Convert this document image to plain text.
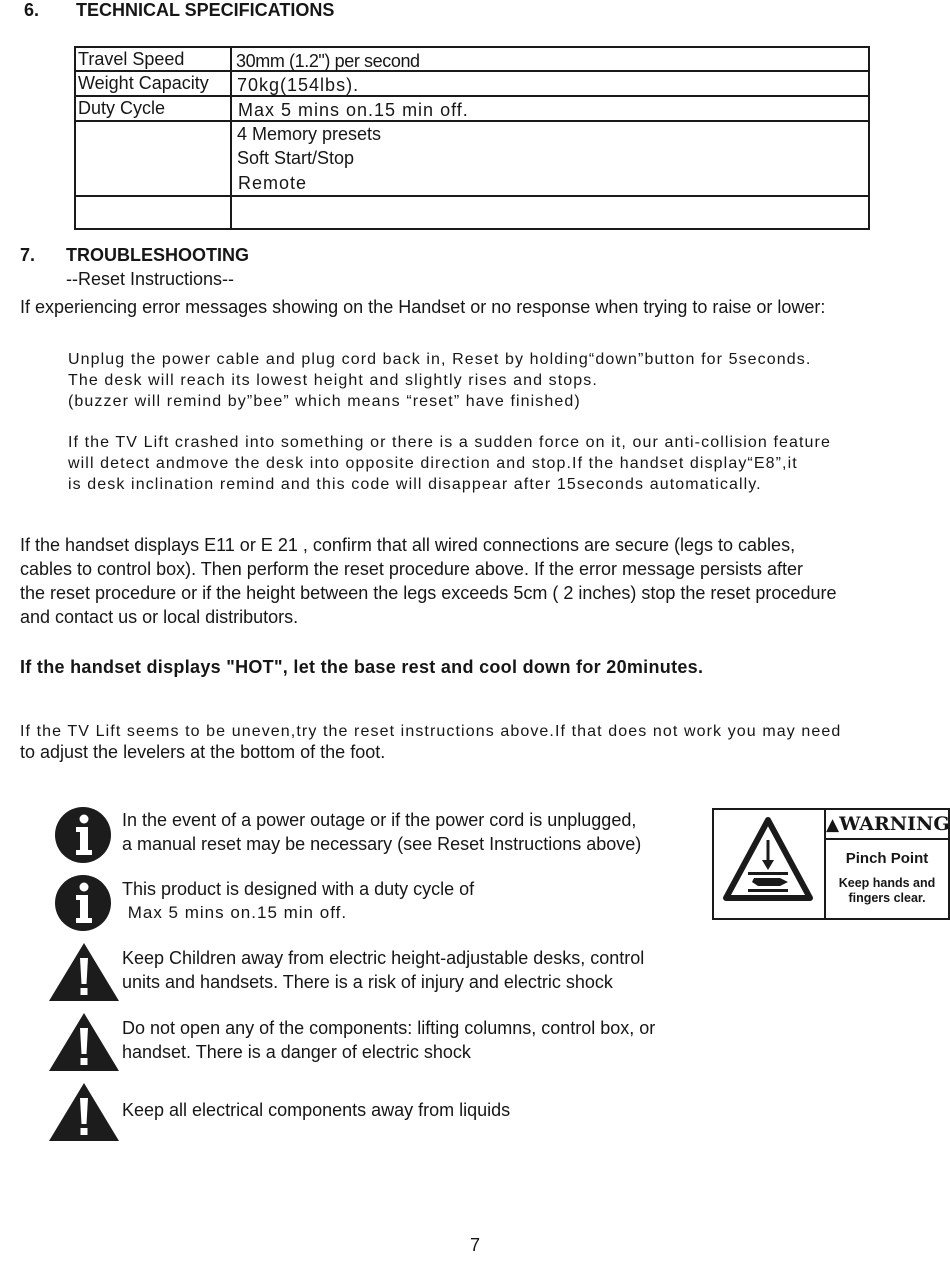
6. TECHNICAL SPECIFICATIONS
Travel Speed	30mm (1.2") per second
Weight Capacity 70kg(154lbs).
Duty Cycle	Max 5 mins on.15 min off.
4 Memory presets
Soft Start/Stop
Remote
7. TROUBLESHOOTING
--Reset Instructions--
If experiencing error messages showing on the Handset or no response when trying to raise or lower:
Unplug the power cable and plug cord back in, Reset by holding“down”button for 5seconds.
The desk will reach its lowest height and slightly rises and stops.
(buzzer will remind by”bee” which means “reset” have finished)
If the TV Lift crashed into something or there is a sudden force on it, our anti-collision feature
will detect andmove the desk into opposite direction and stop.If the handset display“E8”,it
is desk inclination remind and this code will disappear after 15seconds automatically.
If the handset displays E11 or E 21 , confirm that all wired connections are secure (legs to cables,
cables to control box). Then perform the reset procedure above. If the error message persists after
the reset procedure or if the height between the legs exceeds 5cm ( 2 inches) stop the reset procedure
and contact us or local distributors.
If the handset displays "HOT", let the base rest and cool down for 20minutes.
If the TV Lift seems to be uneven,try the reset instructions above.If that does not work you may need
to adjust the levelers at the bottom of the foot.
In the event of a power outage or if the power cord is unplugged,
a manual reset may be necessary (see Reset Instructions above)
This product is designed with a duty cycle of
Max 5 mins on.15 min off.
Keep Children away from electric height-adjustable desks, control
units and handsets. There is a risk of injury and electric shock
Do not open any of the components: lifting columns, control box, or
handset. There is a danger of electric shock
Keep all electrical components away from liquids
▲WARNING
Pinch Point
Keep hands and fingers clear.
7
